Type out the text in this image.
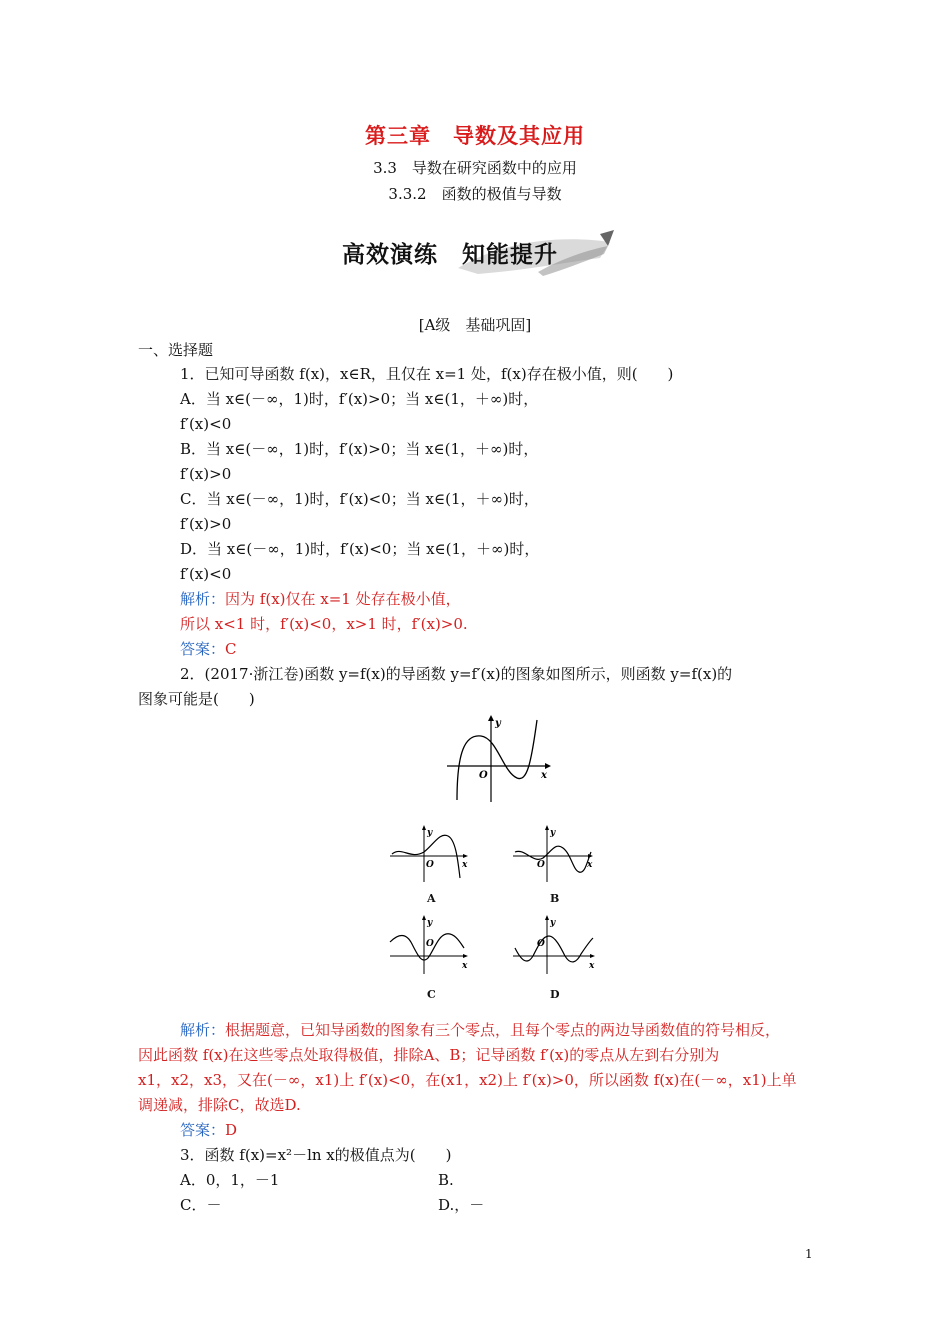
第三章　导数及其应用
3.3　导数在研究函数中的应用
3.3.2　函数的极值与导数
高效演练　知能提升
[A级　基础巩固]
一、选择题
1．已知可导函数 f(x)，x∈R，且仅在 x=1 处，f(x)存在极小值，则(　　)
A．当 x∈(－∞，1)时，f′(x)>0；当 x∈(1，＋∞)时，
f′(x)<0
B．当 x∈(－∞，1)时，f′(x)>0；当 x∈(1，＋∞)时，
f′(x)>0
C．当 x∈(－∞，1)时，f′(x)<0；当 x∈(1，＋∞)时，
f′(x)>0
D．当 x∈(－∞，1)时，f′(x)<0；当 x∈(1，＋∞)时，
f′(x)<0
解析：因为 f(x)仅在 x=1 处存在极小值，
所以 x<1 时，f′(x)<0，x>1 时，f′(x)>0.
答案：C
2．(2017·浙江卷)函数 y=f(x)的导函数 y=f′(x)的图象如图所示，则函数 y=f(x)的
图象可能是(　　)
y
x
O
y
x
O
A
y
x
O
B
y
x
O
C
y
x
O
D
解析：根据题意，已知导函数的图象有三个零点，且每个零点的两边导函数值的符号相反，
因此函数 f(x)在这些零点处取得极值，排除A、B；记导函数 f′(x)的零点从左到右分别为
x1，x2，x3，又在(－∞，x1)上 f′(x)<0，在(x1，x2)上 f′(x)>0，所以函数 f(x)在(－∞，x1)上单
调递减，排除C，故选D.
答案：D
3．函数 f(x)=x²－ln x的极值点为(　　)
A．0，1，－1	B.
C．－	D.，－
1
